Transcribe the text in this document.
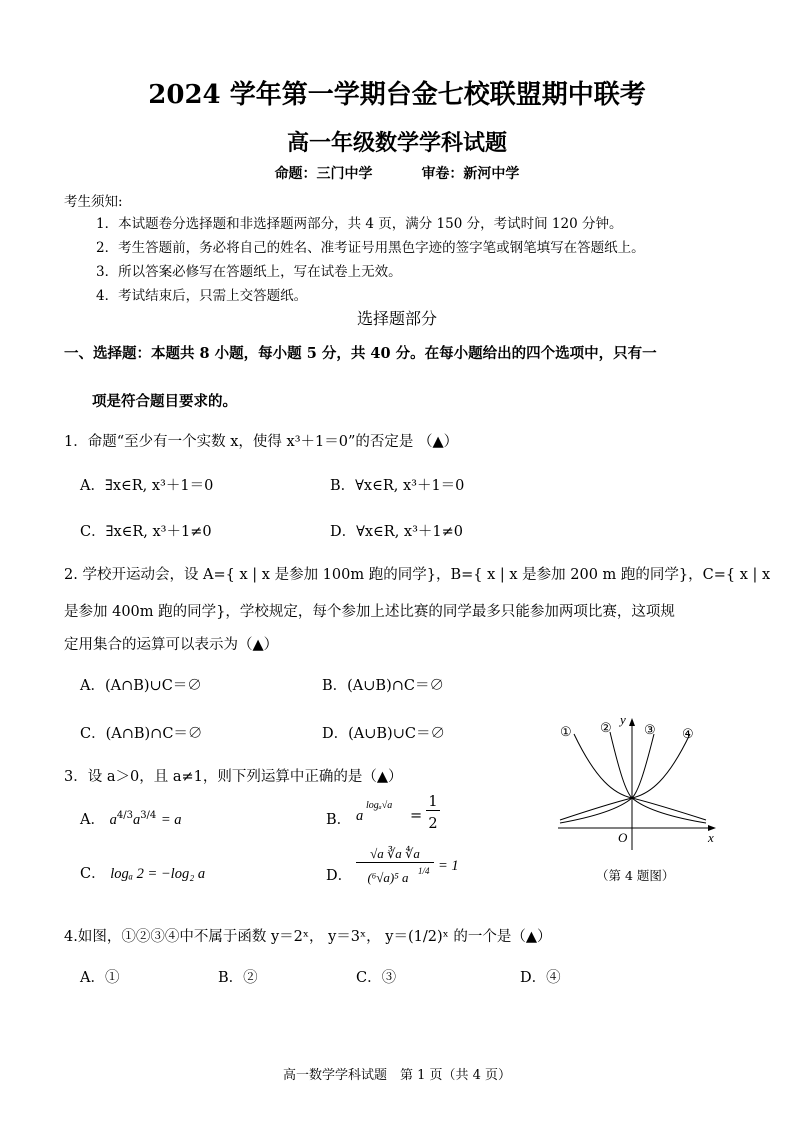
2024 学年第一学期台金七校联盟期中联考
高一年级数学学科试题
命题：三门中学	审卷：新河中学
考生须知:
1．本试题卷分选择题和非选择题两部分，共 4 页，满分 150 分，考试时间 120 分钟。
2．考生答题前，务必将自己的姓名、准考证号用黑色字迹的签字笔或钢笔填写在答题纸上。
3．所以答案必修写在答题纸上，写在试卷上无效。
4．考试结束后，只需上交答题纸。
选择题部分
一、选择题：本题共 8 小题，每小题 5 分，共 40 分。在每小题给出的四个选项中，只有一
项是符合题目要求的。
1．命题“至少有一个实数 x，使得 x³＋1＝0”的否定是 （▲）
A．∃x∈R, x³＋1＝0	B．∀x∈R, x³＋1＝0
C．∃x∈R, x³＋1≠0	D．∀x∈R, x³＋1≠0
2. 学校开运动会，设 A={ x | x 是参加 100m 跑的同学}，B={ x | x 是参加 200 m 跑的同学}，C={ x | x
是参加 400m 跑的同学}，学校规定，每个参加上述比赛的同学最多只能参加两项比赛，这项规
定用集合的运算可以表示为（▲）
A．(A∩B)∪C＝∅	B．(A∪B)∩C＝∅
C．(A∩B)∩C＝∅	D．(A∪B)∪C＝∅
3．设 a＞0，且 a≠1，则下列运算中正确的是（▲）
A． $a^{4/3}a^{3/4} = a$	B． a
logₐ√a
=
1
2
C． logₐ 2 = −log₂ a	D．
√a ∛a ∜a
(⁶√a)⁵ a	1/4 = 1
① ② ③ ④
y
x
O
（第 4 题图）
4.如图，①②③④中不属于函数 y＝2ˣ， y＝3ˣ， y＝(1/2)ˣ 的一个是（▲）
A．①	B．②	C．③	D．④
高一数学学科试题　第 1 页（共 4 页）
